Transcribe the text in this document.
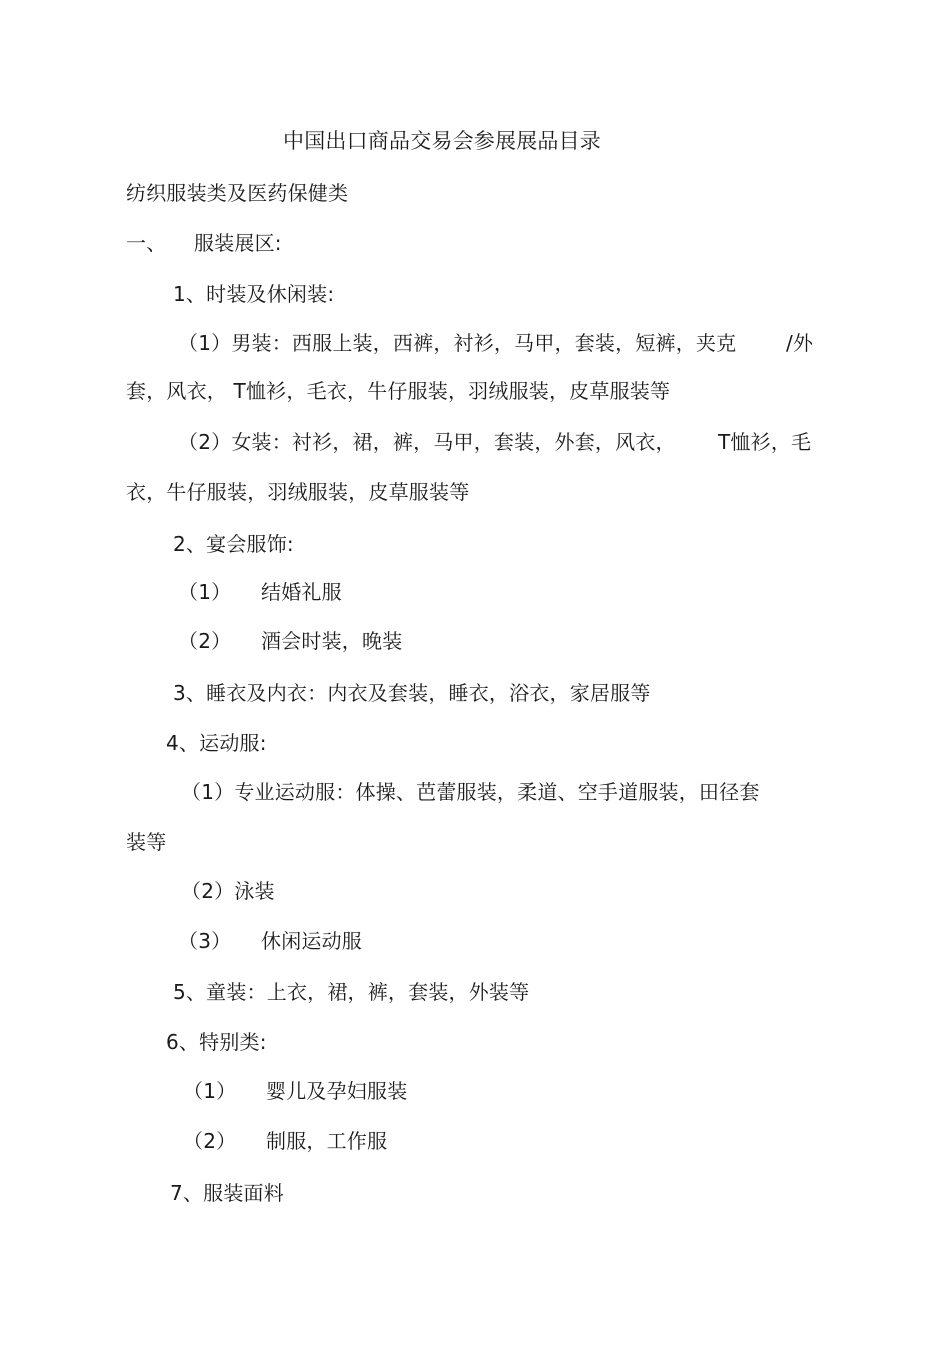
中国出口商品交易会参展展品目录
纺织服装类及医药保健类
一、 服装展区:
1、时装及休闲装:
（1）男装：西服上装，西裤，衬衫，马甲，套装，短裤，夹克 /外
套，风衣， T恤衫，毛衣，牛仔服装，羽绒服装，皮草服装等
（2）女装：衬衫，裙，裤，马甲，套装，外套，风衣， T恤衫，毛
衣，牛仔服装，羽绒服装，皮草服装等
2、宴会服饰:
（1） 结婚礼服
（2） 酒会时装，晚装
3、睡衣及内衣：内衣及套装，睡衣，浴衣，家居服等
4、运动服:
（1）专业运动服：体操、芭蕾服装，柔道、空手道服装，田径套
装等
（2）泳装
（3） 休闲运动服
5、童装：上衣，裙，裤，套装，外装等
6、特别类:
（1） 婴儿及孕妇服装
（2） 制服，工作服
7、服装面料
